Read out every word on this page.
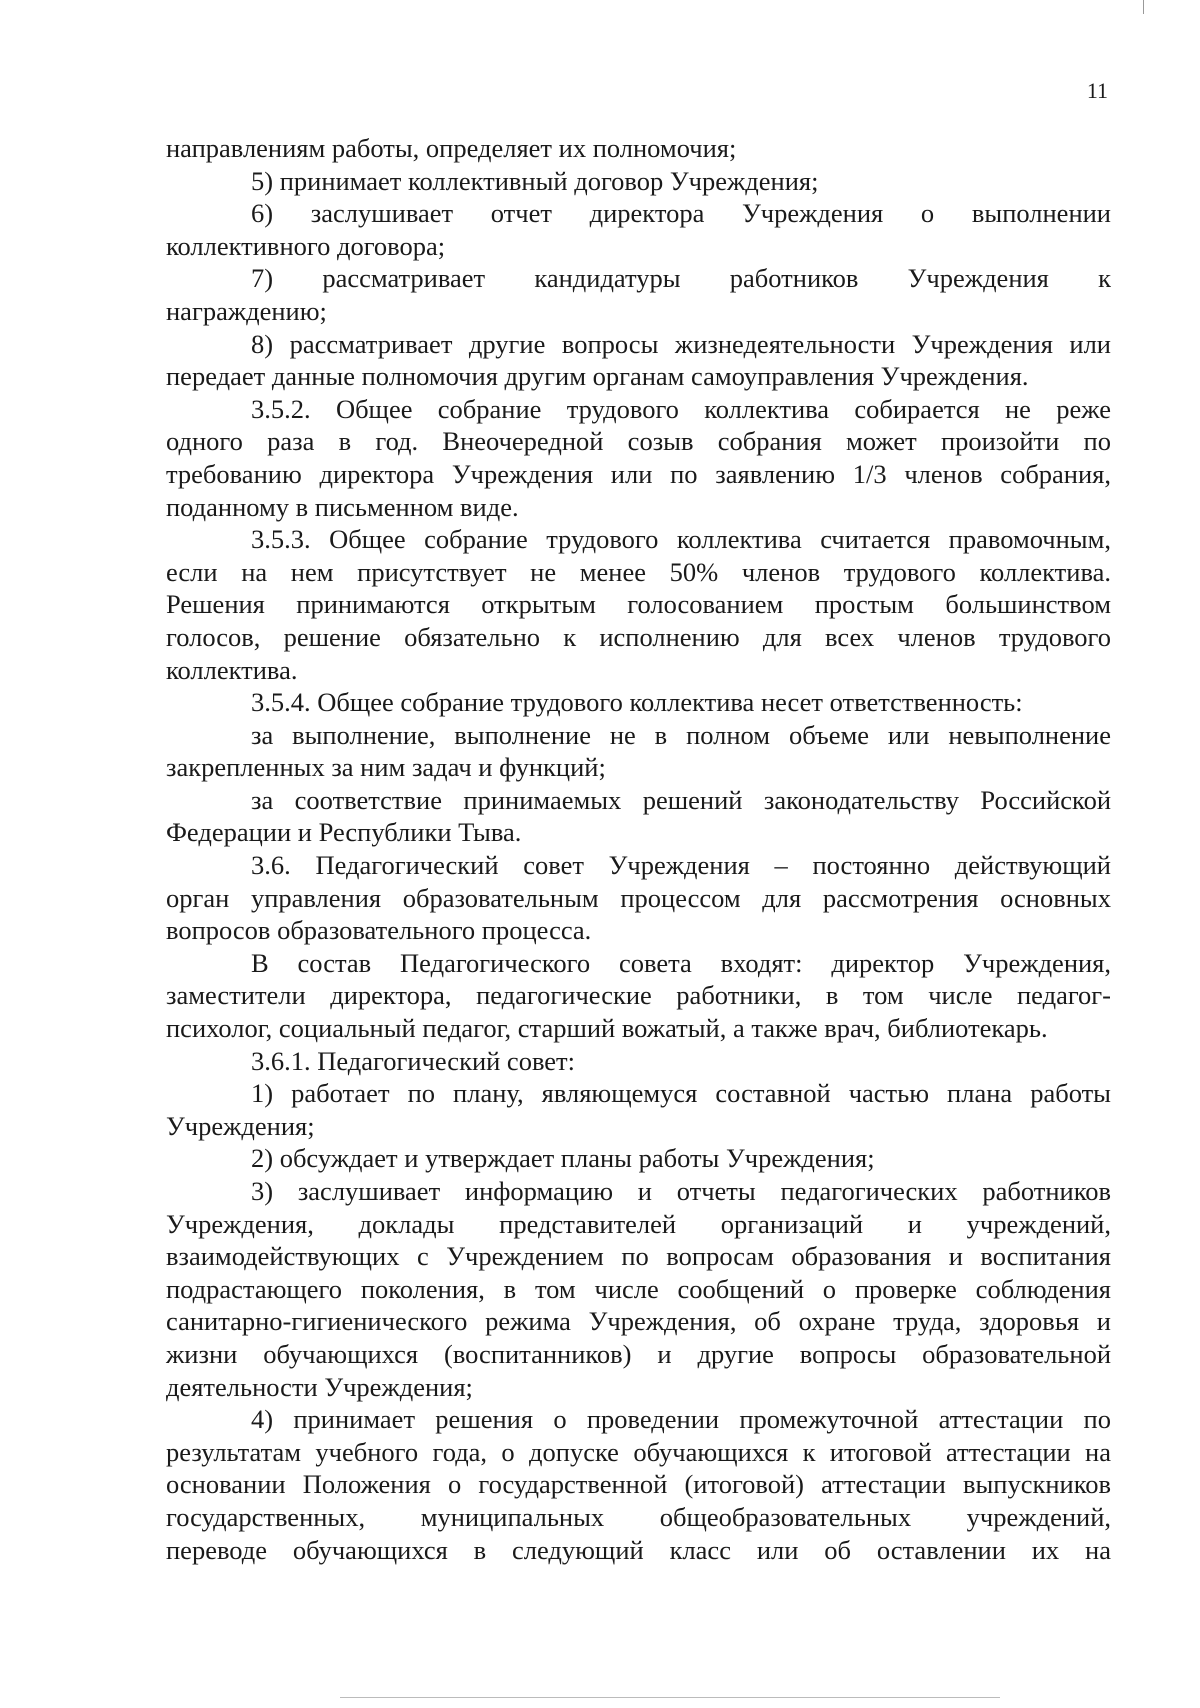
11

направлениям работы, определяет их полномочия;

5) принимает коллективный договор Учреждения;

6) заслушивает отчет директора Учреждения о выполнении

коллективного договора;

7) рассматривает кандидатуры работников Учреждения к

награждению;

8) рассматривает другие вопросы жизнедеятельности Учреждения или

передает данные полномочия другим органам самоуправления Учреждения.

3.5.2. Общее собрание трудового коллектива собирается не реже

одного раза в год. Внеочередной созыв собрания может произойти по

требованию директора Учреждения или по заявлению 1/3 членов собрания,

поданному в письменном виде.

3.5.3. Общее собрание трудового коллектива считается правомочным,

если на нем присутствует не менее 50% членов трудового коллектива.

Решения принимаются открытым голосованием простым большинством

голосов, решение обязательно к исполнению для всех членов трудового

коллектива.

3.5.4. Общее собрание трудового коллектива несет ответственность:

за выполнение, выполнение не в полном объеме или невыполнение

закрепленных за ним задач и функций;

за соответствие принимаемых решений законодательству Российской

Федерации и Республики Тыва.

3.6. Педагогический совет Учреждения – постоянно действующий

орган управления образовательным процессом для рассмотрения основных

вопросов образовательного процесса.

В состав Педагогического совета входят: директор Учреждения,

заместители директора, педагогические работники, в том числе педагог-

психолог, социальный педагог, старший вожатый, а также врач, библиотекарь.

3.6.1. Педагогический совет:

1) работает по плану, являющемуся составной частью плана работы

Учреждения;

2) обсуждает и утверждает планы работы Учреждения;

3) заслушивает информацию и отчеты педагогических работников

Учреждения, доклады представителей организаций и учреждений,

взаимодействующих с Учреждением по вопросам образования и воспитания

подрастающего поколения, в том числе сообщений о проверке соблюдения

санитарно-гигиенического режима Учреждения, об охране труда, здоровья и

жизни обучающихся (воспитанников) и другие вопросы образовательной

деятельности Учреждения;

4) принимает решения о проведении промежуточной аттестации по

результатам учебного года, о допуске обучающихся к итоговой аттестации на

основании Положения о государственной (итоговой) аттестации выпускников

государственных, муниципальных общеобразовательных учреждений,

переводе обучающихся в следующий класс или об оставлении их на
